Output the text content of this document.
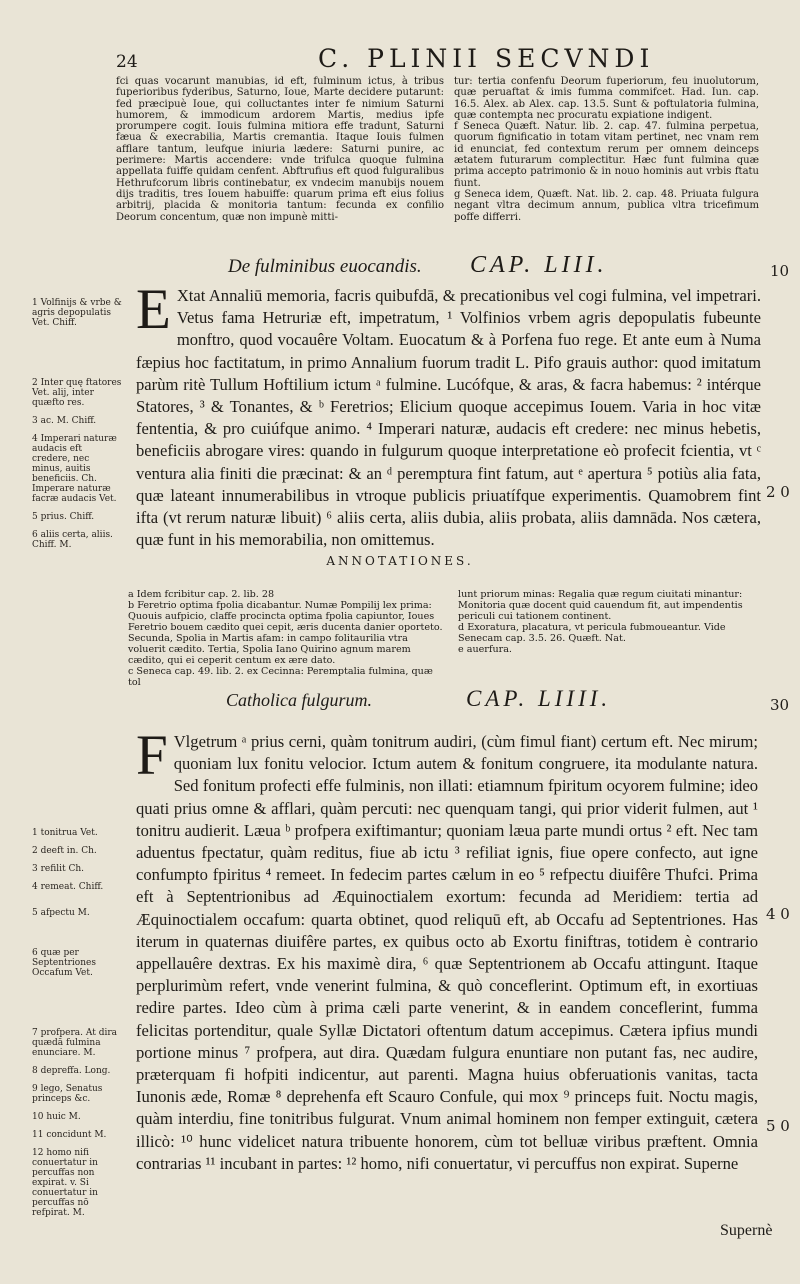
24	C. PLINII SECVNDI

fci quas vocarunt manubias, id eft, fulminum ictus, à tribus fuperioribus fyderibus, Saturno, Ioue, Marte decidere putarunt: fed præcipuè Ioue, qui colluctantes inter fe nimium Saturni humorem, & immodicum ardorem Martis, medius ipfe prorumpere cogit. Iouis fulmina mitiora effe tradunt, Saturni fæua & execrabilia, Martis cremantia. Itaque Iouis fulmen afflare tantum, leufque iniuria lædere: Saturni punire, ac perimere: Martis accendere: vnde trifulca quoque fulmina appellata fuiffe quidam cenfent. Abftrufius eft quod fulguralibus Hethrufcorum libris continebatur, ex vndecim manubijs nouem dijs traditis, tres Iouem habuiffe: quarum prima eft eius folius arbitrij, placida & monitoria tantum: fecunda ex confilio Deorum concentum, quæ non impunè mitti-

tur: tertia confenfu Deorum fuperiorum, feu inuolutorum, quæ peruaftat & imis fumma commifcet. Had. Iun. cap. 16.5. Alex. ab Alex. cap. 13.5. Sunt & poftulatoria fulmina, quæ contempta nec procuratu expiatione indigent.

f Seneca Quæft. Natur. lib. 2. cap. 47. fulmina perpetua, quorum fignificatio in totam vitam pertinet, nec vnam rem id enunciat, fed contextum rerum per omnem deinceps ætatem futurarum complectitur. Hæc funt fulmina quæ prima accepto patrimonio & in nouo hominis aut vrbis ftatu fiunt.

g Seneca idem, Quæft. Nat. lib. 2. cap. 48. Priuata fulgura negant vltra decimum annum, publica vltra tricefimum poffe differri.

De fulminibus euocandis. CAP. LIII.
E Xtat Annaliū memoria, facris quibufdā, & precationibus vel cogi fulmina, vel impetrari. Vetus fama Hetruriæ eft, impetratum, ¹ Volfinios vrbem agris depopulatis fubeunte monftro, quod vocauêre Voltam. Euocatum & à Porfena fuo rege. Et ante eum à Numa fæpius hoc factitatum, in primo Annalium fuorum tradit L. Pifo grauis author: quod imitatum parùm ritè Tullum Hoftilium ictum ᵃ fulmine. Lucófque, & aras, & facra habemus: ² intérque Statores, ³ & Tonantes, & ᵇ Feretrios; Elicium quoque accepimus Iouem. Varia in hoc vitæ fententia, & pro cuiúfque animo. ⁴ Imperari naturæ, audacis eft credere: nec minus hebetis, beneficiis abrogare vires: quando in fulgurum quoque interpretatione eò profecit fcientia, vt ᶜ ventura alia finiti die præcinat: & an ᵈ peremptura fint fatum, aut ᵉ apertura ⁵ potiùs alia fata, quæ lateant innumerabilibus in vtroque publicis priuatífque experimentis. Quamobrem fint ifta (vt rerum naturæ libuit) ⁶ aliis certa, aliis dubia, aliis probata, aliis damnāda. Nos cætera, quæ funt in his memorabilia, non omittemus.

10
2 0

1 Volfinijs & vrbe & agris depopulatis Vet. Chiff.

2 Inter quę ftatores Vet. alij, inter quæfto res.

3 ac. M. Chiff.

4 Imperari naturæ audacis eft credere, nec minus, auitis beneficiis. Ch. Imperare naturæ facræ audacis Vet.

5 prius. Chiff.

6 aliis certa, aliis. Chiff. M.

ANNOTATIONES.

a Idem fcribitur cap. 2. lib. 28

b Feretrio optima fpolia dicabantur. Numæ Pompilij lex prima: Quouis aufpicio, claffe procincta optima fpolia capiuntor, Ioues Feretrio bouem cædito quei cepit, æris ducenta danier oporteto. Secunda, Spolia in Martis afam: in campo folitaurilia vtra voluerit cædito. Tertia, Spolia Iano Quirino agnum marem cædito, qui ei ceperit centum ex ære dato.

c Seneca cap. 49. lib. 2. ex Cecinna: Peremptalia fulmina, quæ tol

lunt priorum minas: Regalia quæ regum ciuitati minantur: Monitoria quæ docent quid cauendum fit, aut impendentis periculi cui tationem continent.

d Exoratura, placatura, vt pericula fubmoueantur. Vide Senecam cap. 3.5. 26. Quæft. Nat.

e auerfura.

Catholica fulgurum.	CAP. LIIII.	30
F Vlgetrum ᵃ prius cerni, quàm tonitrum audiri, (cùm fimul fiant) certum eft. Nec mirum; quoniam lux fonitu velocior. Ictum autem & fonitum congruere, ita modulante natura. Sed fonitum profecti effe fulminis, non illati: etiamnum fpiritum ocyorem fulmine; ideo quati prius omne & afflari, quàm percuti: nec quenquam tangi, qui prior viderit fulmen, aut ¹ tonitru audierit. Læua ᵇ profpera exiftimantur; quoniam læua parte mundi ortus ² eft. Nec tam aduentus fpectatur, quàm reditus, fiue ab ictu ³ refiliat ignis, fiue opere confecto, aut igne confumpto fpiritus ⁴ remeet. In fedecim partes cælum in eo ⁵ refpectu diuifêre Thufci. Prima eft à Septentrionibus ad Æquinoctialem exortum: fecunda ad Meridiem: tertia ad Æquinoctialem occafum: quarta obtinet, quod reliquū eft, ab Occafu ad Septentriones. Has iterum in quaternas diuifêre partes, ex quibus octo ab Exortu finiftras, totidem è contrario appellauêre dextras. Ex his maximè dira, ⁶ quæ Septentrionem ab Occafu attingunt. Itaque perplurimùm refert, vnde venerint fulmina, & quò conceflerint. Optimum eft, in exortiuas redire partes. Ideo cùm à prima cæli parte venerint, & in eandem conceflerint, fumma felicitas portenditur, quale Syllæ Dictatori oftentum datum accepimus. Cætera ipfius mundi portione minus ⁷ profpera, aut dira. Quædam fulgura enuntiare non putant fas, nec audire, præterquam fi hofpiti indicentur, aut parenti. Magna huius obferuationis vanitas, tacta Iunonis æde, Romæ ⁸ deprehenfa eft Scauro Confule, qui mox ⁹ princeps fuit. Noctu magis, quàm interdiu, fine tonitribus fulgurat. Vnum animal hominem non femper extinguit, cætera illicò: ¹⁰ hunc videlicet natura tribuente honorem, cùm tot belluæ viribus præftent. Omnia contrarias ¹¹ incubant in partes: ¹² homo, nifi conuertatur, vi percuffus non expirat. Superne

4 0
5 0

1 tonitrua Vet.

2 deeft in. Ch.

3 refilit Ch.

4 remeat. Chiff.

5 afpectu M.

6 quæ per Septentriones Occafum Vet.

7 profpera. At dira quædā fulmina enunciare. M.

8 depreffa. Long.

9 lego, Senatus princeps &c.

10 huic M.

11 concidunt M.

12 homo nifi conuertatur in percuffas non expirat. v. Si conuertatur in percuffas nō refpirat. M.

Supernè
